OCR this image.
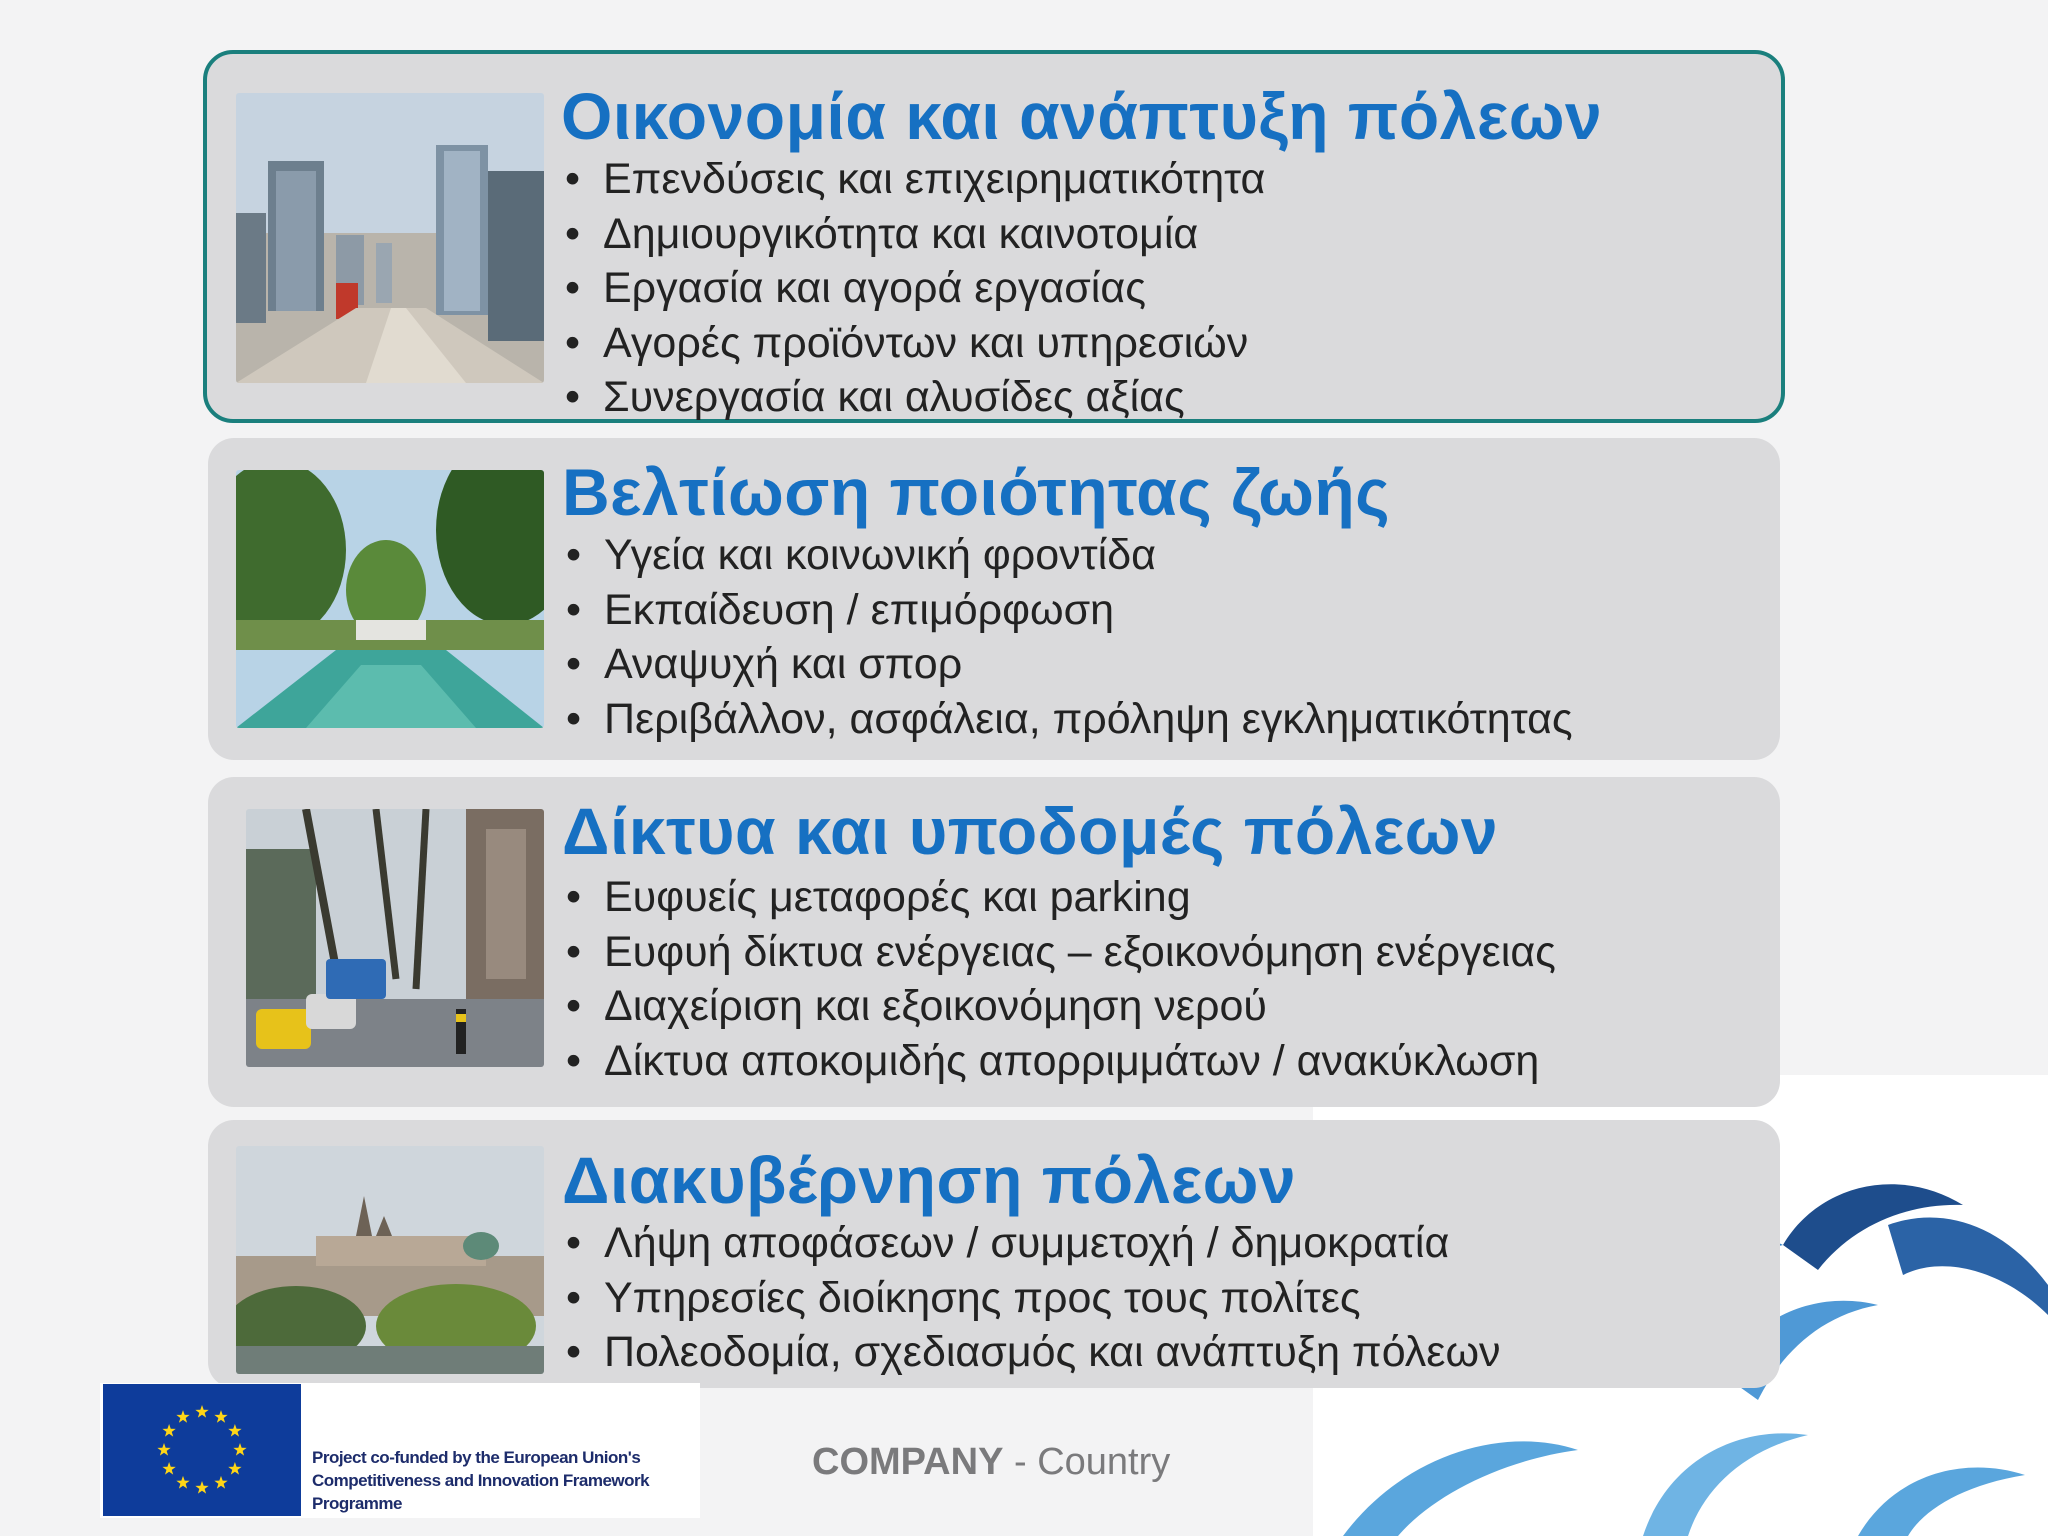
Οικονομία και ανάπτυξη πόλεων
• Επενδύσεις και επιχειρηματικότητα
• Δημιουργικότητα και καινοτομία
• Εργασία και αγορά εργασίας
• Αγορές προϊόντων και υπηρεσιών
• Συνεργασία και αλυσίδες αξίας
Βελτίωση ποιότητας ζωής
• Υγεία και κοινωνική φροντίδα
• Εκπαίδευση / επιμόρφωση
• Αναψυχή και σπορ
• Περιβάλλον, ασφάλεια, πρόληψη εγκληματικότητας
Δίκτυα και υποδομές πόλεων
• Ευφυείς μεταφορές και parking
• Ευφυή δίκτυα ενέργειας – εξοικονόμηση ενέργειας
• Διαχείριση και εξοικονόμηση νερού
• Δίκτυα αποκομιδής απορριμμάτων / ανακύκλωση
Διακυβέρνηση πόλεων
• Λήψη αποφάσεων / συμμετοχή / δημοκρατία
• Υπηρεσίες διοίκησης προς τους πολίτες
• Πολεοδομία, σχεδιασμός και ανάπτυξη πόλεων
Project co-funded by the European Union's
Competitiveness and Innovation Framework
Programme
COMPANY - Country
